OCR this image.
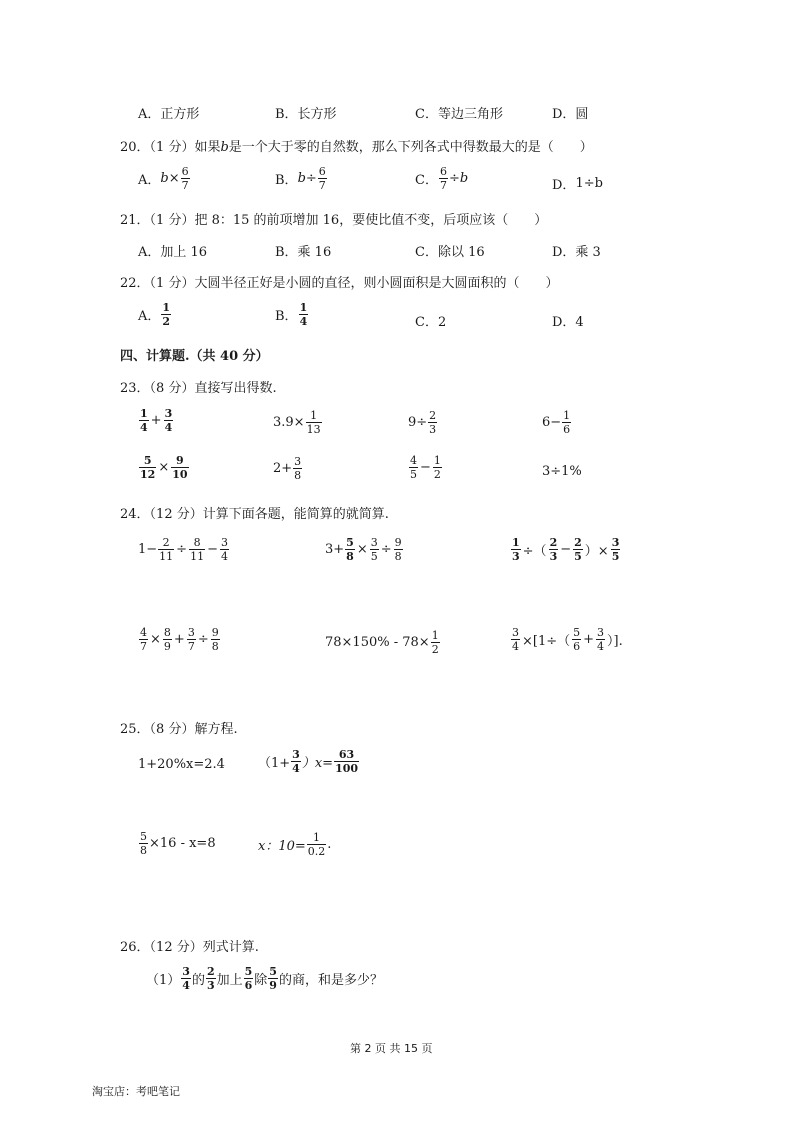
A．正方形	B．长方形	C．等边三角形	D．圆
20．（1 分）如果b是一个大于零的自然数，那么下列各式中得数最大的是（　　）
A． $b\times \frac{6}{7}$	B． $b\div \frac{6}{7}$	C． $\frac{6}{7} \div b$	D． 1÷b
21．（1 分）把 8：15 的前项增加 16，要使比值不变，后项应该（　　）
A．加上 16	B．乘 16	C．除以 16	D．乘 3
22．（1 分）大圆半径正好是小圆的直径，则小圆面积是大圆面积的（　　）
A． $\frac{1}{2}$	B． $\frac{1}{4}$	C．2	D．4
四、计算题.（共 40 分）
23．（8 分）直接写出得数.
$\frac{1}{4} + \frac{3}{4}$	$3.9\times \frac{1}{13}$	$9\div \frac{2}{3}$	$6- \frac{1}{6}$
$\frac{5}{12} \times \frac{9}{10}$	$2+ \frac{3}{8}$	$\frac{4}{5} - \frac{1}{2}$	3÷1%
24．（12 分）计算下面各题，能简算的就简算.
$1- \frac{2}{11} \div \frac{8}{11} - \frac{3}{4}$	$3+ \frac{5}{8} \times \frac{3}{5} \div \frac{9}{8}$	$\frac{1}{3}$ ÷（ $\frac{2}{3} - \frac{2}{5}$ ）× $\frac{3}{5}$
$\frac{4}{7} \times \frac{8}{9} + \frac{3}{7} \div \frac{9}{8}$	$78\times 150\% - 78\times \frac{1}{2}$	$\frac{3}{4} \times[1\div( \frac{5}{6} + \frac{3}{4}$ ）].
25．（8 分）解方程.
1+20%x=2.4	$(1+ \frac{3}{4} )x= \frac{63}{100}$
$\frac{5}{8} \times 16 - x=8$	x：$10= \frac{1}{0.2}$ .
26．（12 分）列式计算.
$(1) \frac{3}{4}$ 的 $\frac{2}{3}$ 加上 $\frac{5}{6}$ 除 $\frac{5}{9}$ 的商，和是多少？
第 2 页 共 15 页
淘宝店：考吧笔记
